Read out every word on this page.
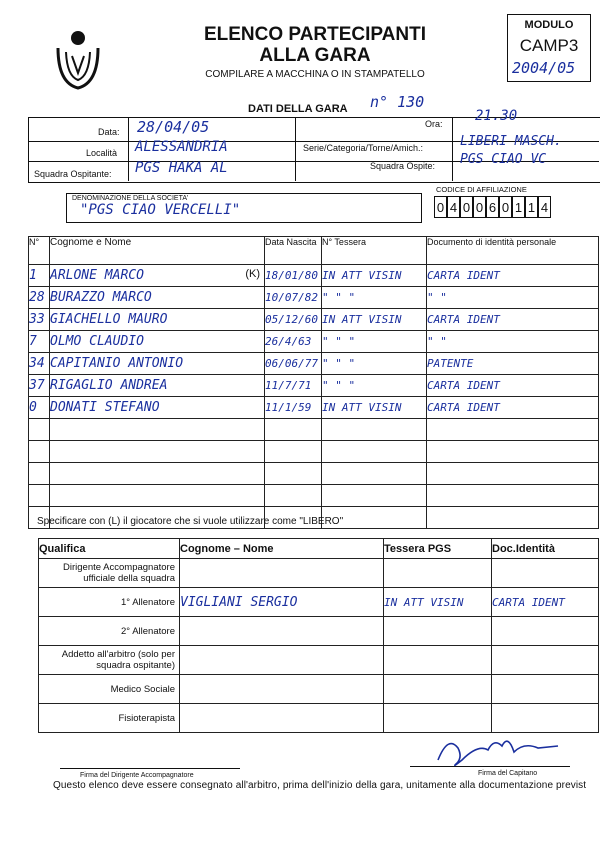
ELENCO PARTECIPANTI
ALLA GARA
COMPILARE A MACCHINA O IN STAMPATELLO
MODULO
CAMP3
2004/05
DATI DELLA GARA n° 130
Data: 28/04/05	Ora: 21.30
Località ALESSANDRIA	Serie/Categoria/Torne/Amich.:	LIBERI MASCH.
Squadra Ospitante: PGS HAKA AL	Squadra Ospite: PGS CIAO VC
DENOMINAZIONE DELLA SOCIETA'
"PGS CIAO VERCELLI"
CODICE DI AFFILIAZIONE
0 4 0 0 6 0 1 1 4
N°	Cognome e Nome	Data Nascita	N° Tessera	Documento di identità personale
1	ARLONE MARCO (K)	18/01/80	IN ATT VISIN	CARTA IDENT
28	BURAZZO MARCO	10/07/82	" " "	" "
33	GIACHELLO MAURO	05/12/60	IN ATT VISIN	CARTA IDENT
7	OLMO CLAUDIO	26/4/63	" " "	" "
34	CAPITANIO ANTONIO	06/06/77	" " "	PATENTE
37	RIGAGLIO ANDREA	11/7/71	" " "	CARTA IDENT
0	DONATI STEFANO	11/1/59	IN ATT VISIN	CARTA IDENT

Specificare con (L) il giocatore che si vuole utilizzare come "LIBERO"
Qualifica	Cognome – Nome	Tessera PGS	Doc.Identità
Dirigente Accompagnatore ufficiale della squadra			
1° Allenatore	VIGLIANI SERGIO	IN ATT VISIN	CARTA IDENT
2° Allenatore			
Addetto all'arbitro (solo per squadra ospitante)			
Medico Sociale			
Fisioterapista			
Firma del Dirigente Accompagnatore	Firma del Capitano
Questo elenco deve essere consegnato all'arbitro, prima dell'inizio della gara, unitamente alla documentazione previst
